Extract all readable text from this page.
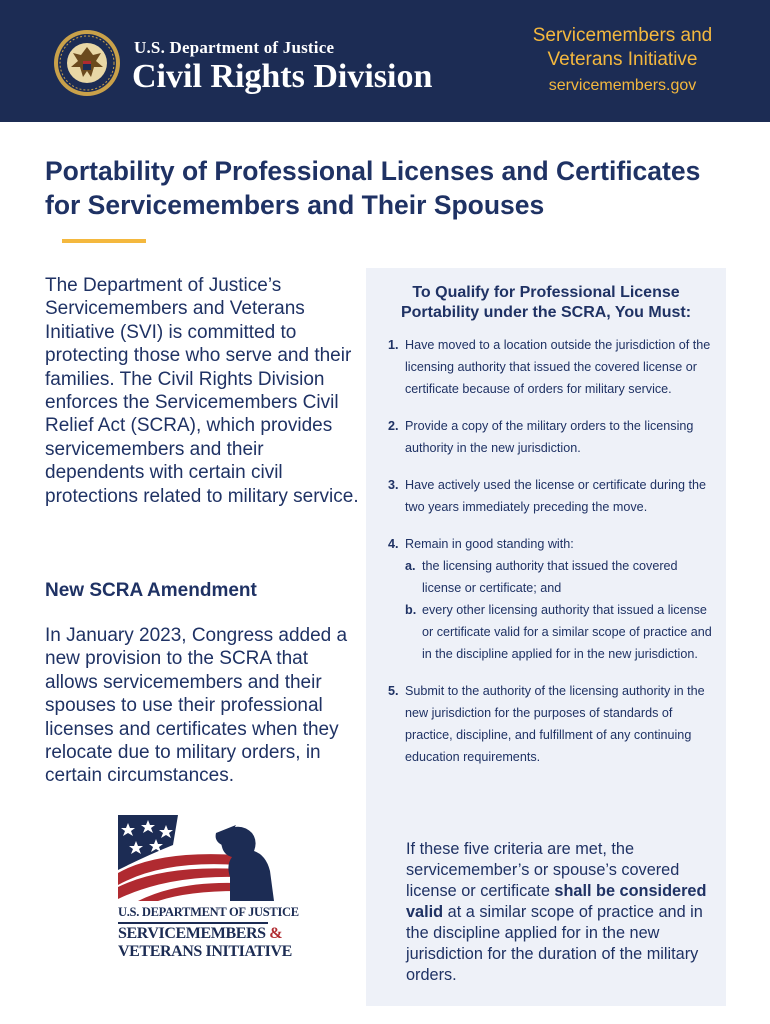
U.S. Department of Justice
Civil Rights Division
Servicemembers and
Veterans Initiative
servicemembers.gov
Portability of Professional Licenses and Certificates
for Servicemembers and Their Spouses

The Department of Justice’s Servicemembers and Veterans Initiative (SVI) is committed to protecting those who serve and their families. The Civil Rights Division enforces the Servicemembers Civil Relief Act (SCRA), which provides servicemembers and their dependents with certain civil protections related to military service.

New SCRA Amendment

In January 2023, Congress added a new provision to the SCRA that allows servicemembers and their spouses to use their professional licenses and certificates when they relocate due to military orders, in certain circumstances.

U.S. DEPARTMENT OF JUSTICE
SERVICEMEMBERS &
VETERANS INITIATIVE
To Qualify for Professional License
Portability under the SCRA, You Must:
1. Have moved to a location outside the jurisdiction of the licensing authority that issued the covered license or certificate because of orders for military service.
2. Provide a copy of the military orders to the licensing authority in the new jurisdiction.
3. Have actively used the license or certificate during the two years immediately preceding the move.
4. Remain in good standing with:
a. the licensing authority that issued the covered license or certificate; and
b. every other licensing authority that issued a license or certificate valid for a similar scope of practice and in the discipline applied for in the new jurisdiction.
5. Submit to the authority of the licensing authority in the new jurisdiction for the purposes of standards of practice, discipline, and fulfillment of any continuing education requirements.

If these five criteria are met, the servicemember’s or spouse’s covered license or certificate shall be considered valid at a similar scope of practice and in the discipline applied for in the new jurisdiction for the duration of the military orders.
